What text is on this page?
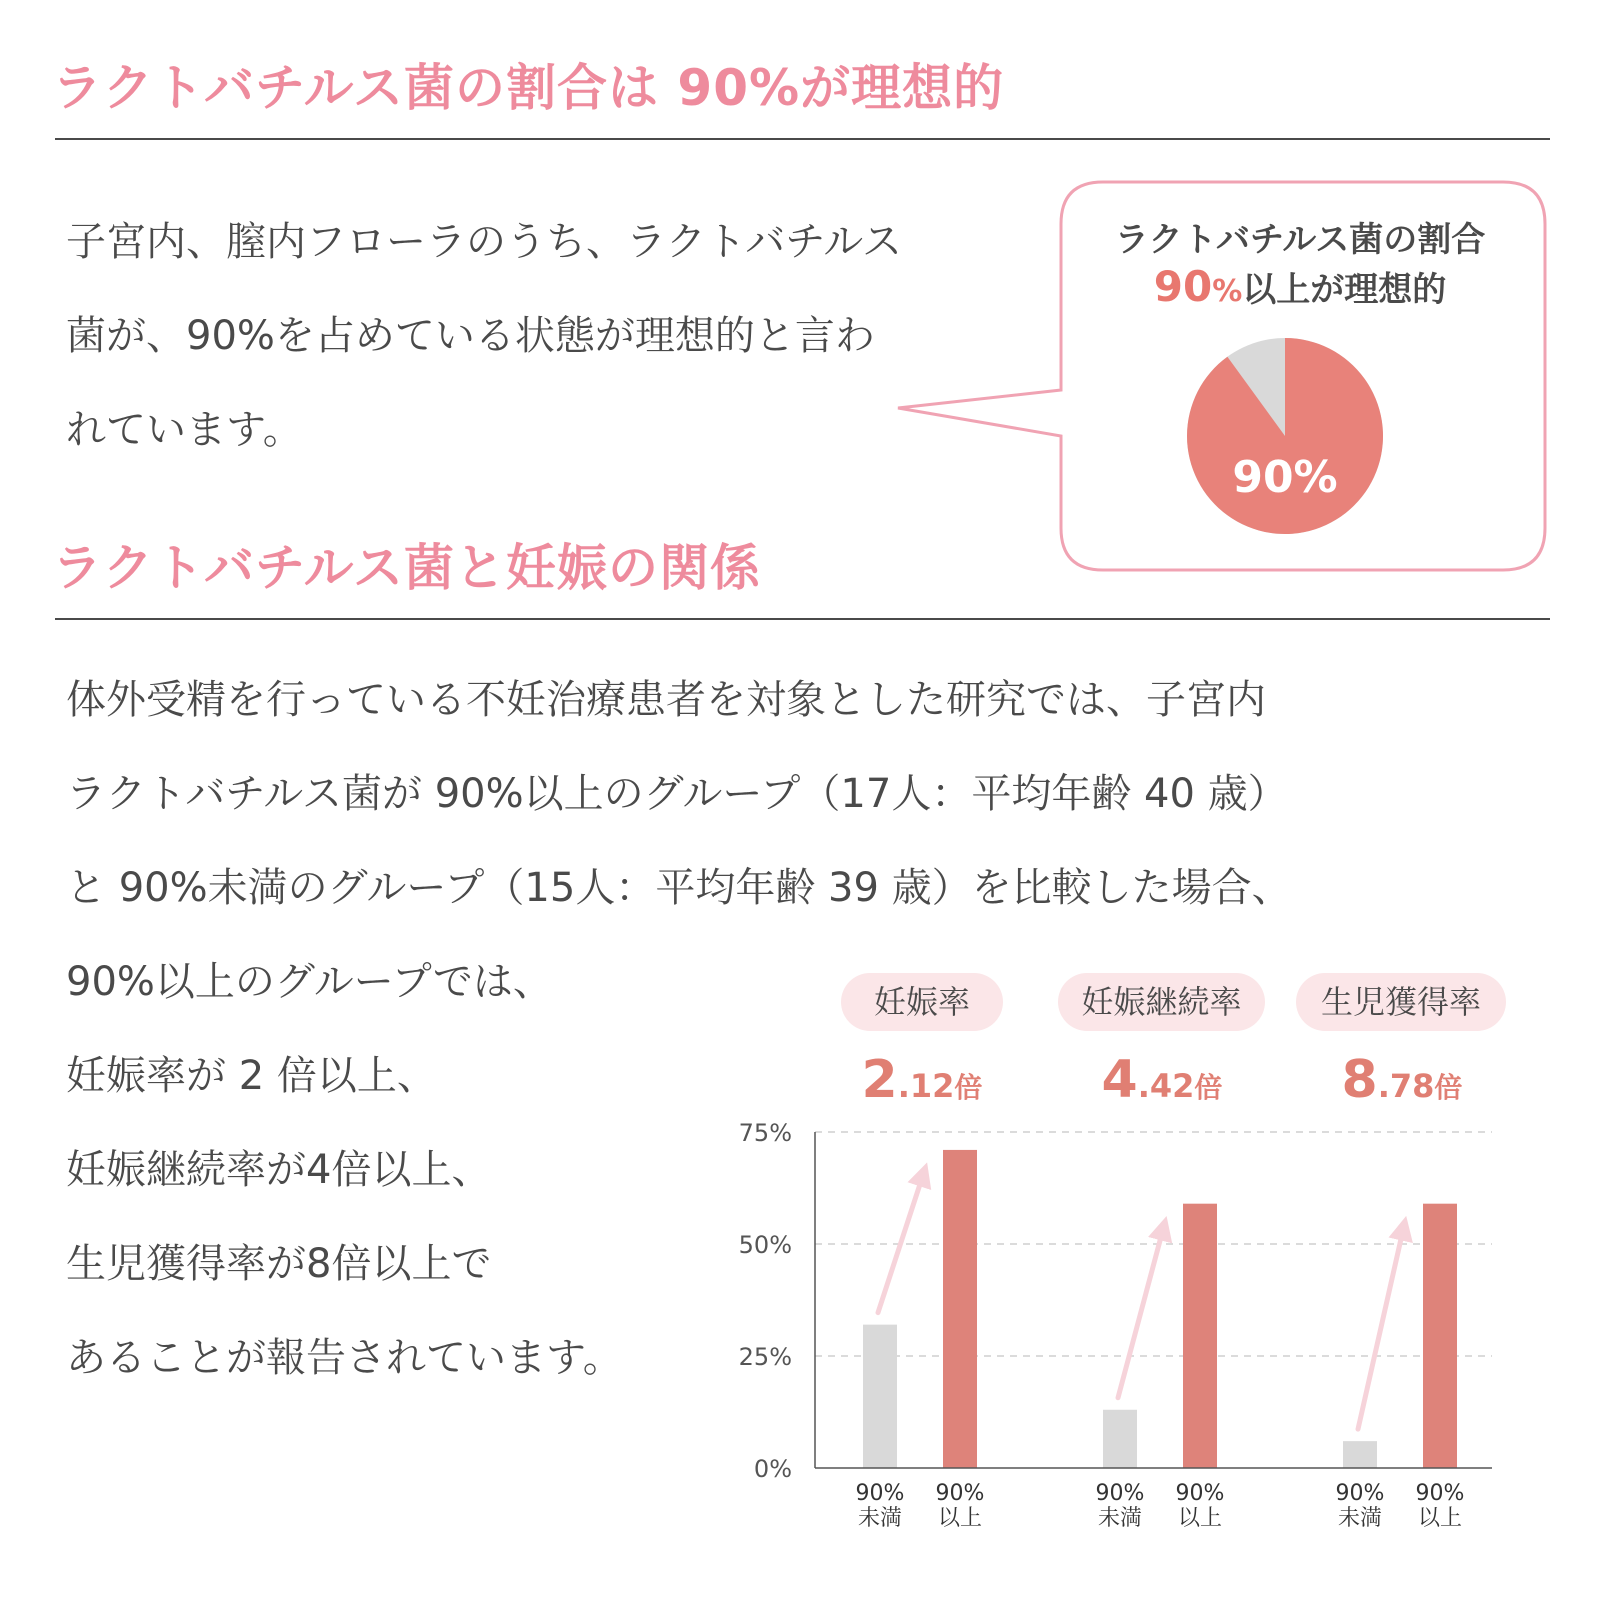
ラクトバチルス菌の割合は 90%が理想的

子宮内、膣内フローラのうち、ラクトバチルス
菌が、90%を占めている状態が理想的と言わ
れています。

ラクトバチルス菌の割合

90%以上が理想的

90%

ラクトバチルス菌と妊娠の関係

体外受精を行っている不妊治療患者を対象とした研究では、子宮内
ラクトバチルス菌が 90%以上のグループ（17人：平均年齢 40 歳）
と 90%未満のグループ（15人：平均年齢 39 歳）を比較した場合、

90%以上のグループでは、
妊娠率が 2 倍以上、
妊娠継続率が4倍以上、
生児獲得率が8倍以上で
あることが報告されています。

妊娠率	妊娠継続率	生児獲得率

2.12倍	4.42倍	8.78倍

0%
25%
50%
75%
90%
未満
90%
以上
90%
未満
90%
以上
90%
未満
90%
以上
